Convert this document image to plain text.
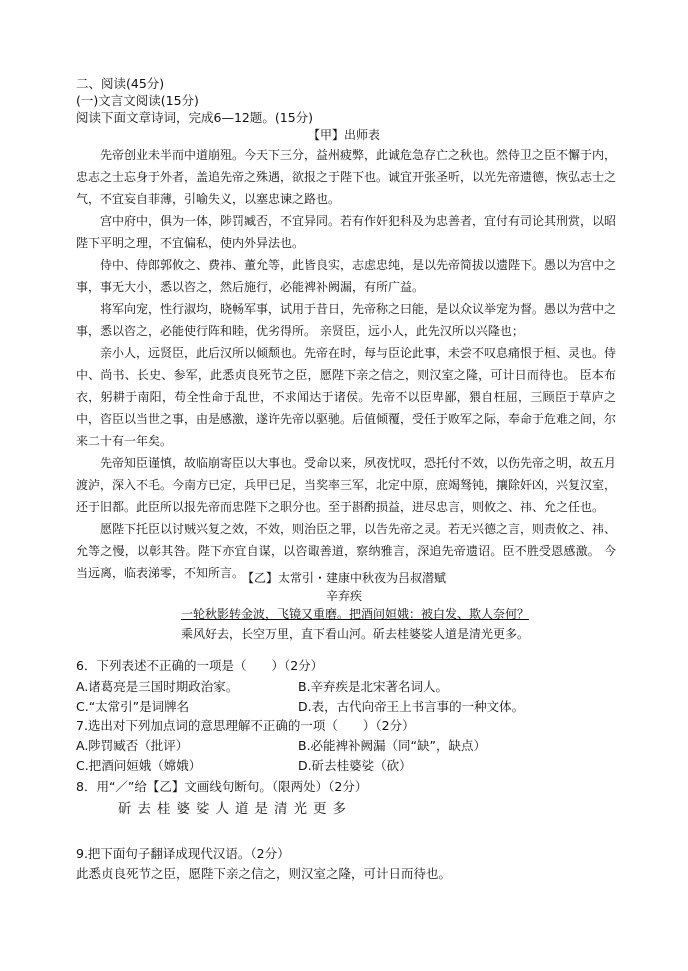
二、阅读(45分)
(一)文言文阅读(15分)
阅读下面文章诗词，完成6—12题。(15分)
【甲】出师表
先帝创业未半而中道崩殂。今天下三分，益州疲弊，此诚危急存亡之秋也。然侍卫之臣不懈于内，忠志之士忘身于外者，盖追先帝之殊遇，欲报之于陛下也。诚宜开张圣听，以光先帝遗德，恢弘志士之气，不宜妄自菲薄，引喻失义，以塞忠谏之路也。
宫中府中，俱为一体，陟罚臧否，不宜异同。若有作奸犯科及为忠善者，宜付有司论其刑赏，以昭陛下平明之理，不宜偏私，使内外异法也。
侍中、侍郎郭攸之、费祎、董允等，此皆良实，志虑忠纯，是以先帝简拔以遗陛下。愚以为宫中之事，事无大小，悉以咨之，然后施行，必能裨补阙漏，有所广益。
将军向宠，性行淑均，晓畅军事，试用于昔日，先帝称之曰能，是以众议举宠为督。愚以为营中之事，悉以咨之，必能使行阵和睦，优劣得所。 亲贤臣，远小人，此先汉所以兴隆也；
亲小人，远贤臣，此后汉所以倾颓也。先帝在时，每与臣论此事，未尝不叹息痛恨于桓、灵也。侍中、尚书、长史、参军，此悉贞良死节之臣，愿陛下亲之信之，则汉室之隆，可计日而待也。 臣本布衣，躬耕于南阳，苟全性命于乱世，不求闻达于诸侯。先帝不以臣卑鄙，猥自枉屈，三顾臣于草庐之中，咨臣以当世之事，由是感激，遂许先帝以驱驰。后值倾覆，受任于败军之际，奉命于危难之间，尔来二十有一年矣。
先帝知臣谨慎，故临崩寄臣以大事也。受命以来，夙夜忧叹，恐托付不效，以伤先帝之明，故五月渡泸，深入不毛。今南方已定，兵甲已足，当奖率三军，北定中原，庶竭驽钝，攘除奸凶，兴复汉室，还于旧都。此臣所以报先帝而忠陛下之职分也。至于斟酌损益，进尽忠言，则攸之、祎、允之任也。
愿陛下托臣以讨贼兴复之效，不效，则治臣之罪，以告先帝之灵。若无兴德之言，则责攸之、祎、允等之慢，以彰其咎。陛下亦宜自谋，以咨诹善道，察纳雅言，深追先帝遗诏。臣不胜受恩感激。 今当远离，临表涕零，不知所言。
【乙】太常引・建康中秋夜为吕叔潜赋
辛弃疾
一轮秋影转金波，飞镜又重磨。把酒问姮娥：被白发、欺人奈何？
乘风好去，长空万里，直下看山河。斫去桂婆娑人道是清光更多。
6．下列表述不正确的一项是（　　）（2分）
A.诸葛亮是三国时期政治家。	B.辛弃疾是北宋著名词人。
C.“太常引”是词牌名	D.表，古代向帝王上书言事的一种文体。
7.选出对下列加点词的意思理解不正确的一项（　　）（2分）
A.陟罚臧否（批评）	B.必能裨补阙漏（同“缺”，缺点）
C.把酒问姮娥（嫦娥）	D.斫去桂婆娑（砍）
8．用“／”给【乙】文画线句断句。（限两处）（2分）
斫去桂婆娑人道是清光更多
9.把下面句子翻译成现代汉语。（2分）
此悉贞良死节之臣，愿陛下亲之信之，则汉室之隆，可计日而待也。
